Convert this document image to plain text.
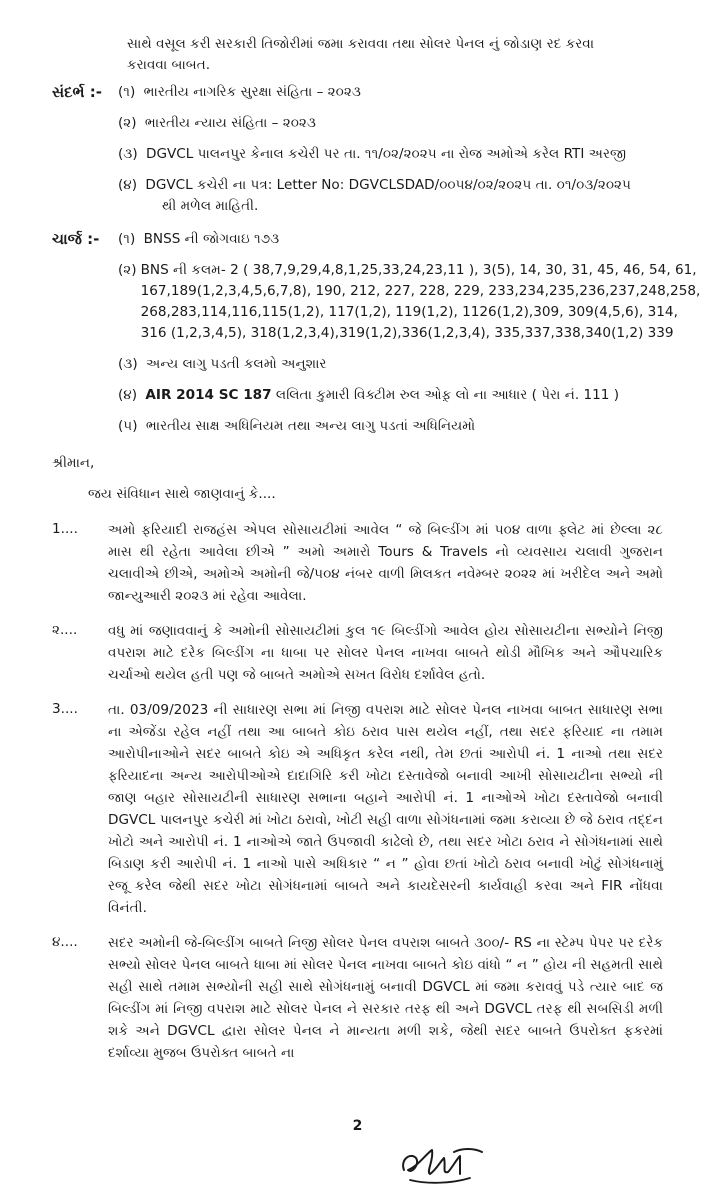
સાથે વસૂલ કરી સરકારી તિજોરીમાં જમા કરાવવા તથા સોલર પેનલ નું જોડાણ રદ કરવા
કરાવવા બાબત.
સંદર્ભ :-	(૧) ભારતીય નાગરિક સુરક્ષા સંહિતા – ૨૦૨૩
(૨) ભારતીય ન્યાય સંહિતા – ૨૦૨૩
(૩) DGVCL પાલનપુર કેનાલ કચેરી પર તા. ૧૧/૦૨/૨૦૨૫ ના રોજ અમોએ કરેલ RTI અરજી
(૪) DGVCL કચેરી ના પત્ર: Letter No: DGVCLSDAD/૦૦૫૪/૦૨/૨૦૨૫ તા. ૦૧/૦૩/૨૦૨૫
થી મળેલ માહિતી.
ચાર્જ :-	(૧) BNSS ની જોગવાઇ ૧૭૩
(૨) BNS ની કલમ- 2 ( 38,7,9,29,4,8,1,25,33,24,23,11 ), 3(5), 14, 30, 31, 45, 46, 54, 61,
167,189(1,2,3,4,5,6,7,8), 190, 212, 227, 228, 229, 233,234,235,236,237,248,258,
268,283,114,116,115(1,2), 117(1,2), 119(1,2), 1126(1,2),309, 309(4,5,6), 314,
316 (1,2,3,4,5), 318(1,2,3,4),319(1,2),336(1,2,3,4), 335,337,338,340(1,2) 339
(૩) અન્ય લાગુ પડતી કલમો અનુશાર
(૪) AIR 2014 SC 187 લલિતા કુમારી વિક્ટીમ રુલ ઓફ઼ લો ના આધાર ( પેરા નં. 111 )
(૫) ભારતીય સાક્ષ અધિનિયમ તથા અન્ય લાગુ પડતાં અધિનિયમો
શ્રીમાન,
જય સંવિધાન સાથે જાણવાનું કે....
1....	અમો ફરિયાદી રાજહંસ એપલ સોસાયટીમાં આવેલ “ જે બિલ્ડીંગ માં ૫૦૪ વાળા ફ્લેટ માં છેલ્લા ૨૮ માસ થી રહેતા આવેલા છીએ ” અમો અમારો Tours & Travels નો વ્યવસાય ચલાવી ગુજરાન ચલાવીએ છીએ, અમોએ અમોની જે/૫૦૪ નંબર વાળી મિલકત નવેમ્બર ૨૦૨૨ માં ખરીદેલ અને અમો જાન્યુઆરી ૨૦૨૩ માં રહેવા આવેલા.
૨....	વધુ માં જણાવવાનું કે અમોની સોસાયટીમાં કુલ ૧૯ બિલ્ડીંગો આવેલ હોય સોસાયટીના સભ્યોને નિજી વપરાશ માટે દરેક બિલ્ડીંગ ના ધાબા પર સોલર પેનલ નાખવા બાબતે થોડી મૌખિક અને ઔપચારિક ચર્ચાઓ થયેલ હતી પણ જે બાબતે અમોએ સખત વિરોધ દર્શાવેલ હતો.
3....	તા. 03/09/2023 ની સાધારણ સભા માં નિજી વપરાશ માટે સોલર પેનલ નાખવા બાબત સાધારણ સભા ના એજેંડા રહેલ નહીં તથા આ બાબતે કોઇ ઠરાવ પાસ થયેલ નહીં, તથા સદર ફરિયાદ ના તમામ આરોપીનાઓને સદર બાબતે કોઇ એ અધિકૃત કરેલ નથી, તેમ છતાં આરોપી નં. 1 નાઓ તથા સદર ફરિયાદના અન્ય આરોપીઓએ દાદાગિરિ કરી ખોટા દસ્તાવેજો બનાવી આખી સોસાયટીના સભ્યો ની જાણ બહાર સોસાયટીની સાધારણ સભાના બહાને આરોપી નં. 1 નાઓએ ખોટા દસ્તાવેજો બનાવી DGVCL પાલનપુર કચેરી માં ખોટા ઠરાવો, ખોટી સહી વાળા સોગંધનામાં જમા કરાવ્યા છે જે ઠરાવ તદ્દન ખોટો અને આરોપી નં. 1 નાઓએ જાતે ઉપજાવી કાઢેલો છે, તથા સદર ખોટા ઠરાવ ને સોગંધનામાં સાથે બિડાણ કરી આરોપી નં. 1 નાઓ પાસે અધિકાર “ ન ” હોવા છતાં ખોટો ઠરાવ બનાવી ખોટું સોગંધનામું રજૂ કરેલ જેથી સદર ખોટા સોગંધનામાં બાબતે અને કાયદેસરની કાર્યવાહી કરવા અને FIR નોંધવા વિનંતી.
૪....	સદર અમોની જે-બિલ્ડીંગ બાબતે નિજી સોલર પેનલ વપરાશ બાબતે ૩૦૦/- RS ના સ્ટેમ્પ પેપર પર દરેક સભ્યો સોલર પેનલ બાબતે ધાબા માં સોલર પેનલ નાખવા બાબતે કોઇ વાંધો “ ન ” હોય ની સહમતી સાથે સહી સાથે તમામ સભ્યોની સહી સાથે સોગંધનામું બનાવી DGVCL માં જમા કરાવવું પડે ત્યાર બાદ જ બિલ્ડીંગ માં નિજી વપરાશ માટે સોલર પેનલ ને સરકાર તરફ થી અને DGVCL તરફ થી સબસિડી મળી શકે અને DGVCL દ્વારા સોલર પેનલ ને માન્યતા મળી શકે, જેથી સદર બાબતે ઉપરોક્ત ફકરમાં દર્શાવ્યા મુજબ ઉપરોક્ત બાબતે ના
2
